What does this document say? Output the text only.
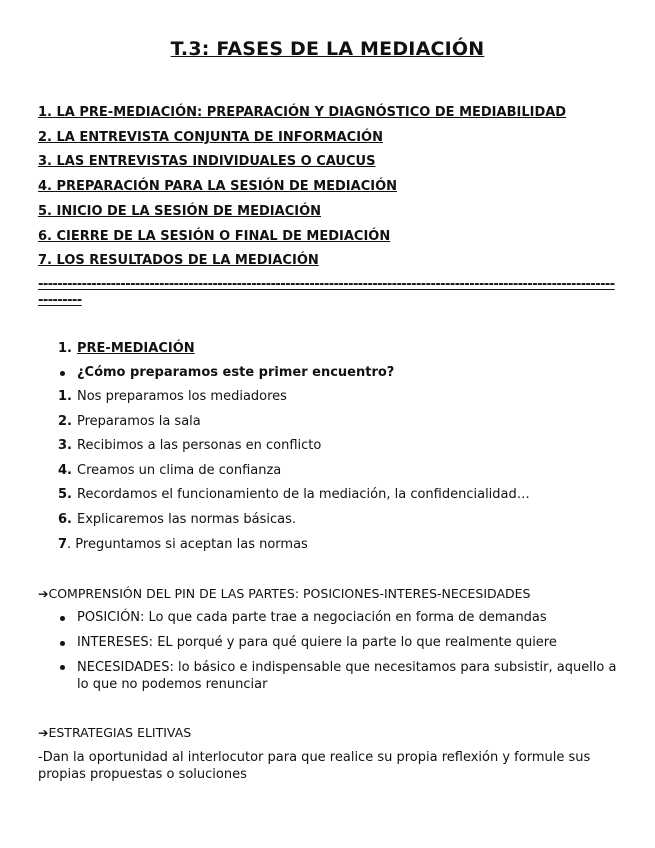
T.3: FASES DE LA MEDIACIÓN
1. LA PRE-MEDIACIÓN: PREPARACIÓN Y DIAGNÓSTICO DE MEDIABILIDAD
2. LA ENTREVISTA CONJUNTA DE INFORMACIÓN
3. LAS ENTREVISTAS INDIVIDUALES O CAUCUS
4. PREPARACIÓN PARA LA SESIÓN DE MEDIACIÓN
5. INICIO DE LA SESIÓN DE MEDIACIÓN
6. CIERRE DE LA SESIÓN O FINAL DE MEDIACIÓN
7. LOS RESULTADOS DE LA MEDIACIÓN
--------------------------------------------------------------------------------------------------------------------------------
1. PRE-MEDIACIÓN
¿Cómo preparamos este primer encuentro?
1. Nos preparamos los mediadores
2. Preparamos la sala
3. Recibimos a las personas en conflicto
4. Creamos un clima de confianza
5. Recordamos el funcionamiento de la mediación, la confidencialidad…
6. Explicaremos las normas básicas.
7. Preguntamos si aceptan las normas
➔COMPRENSIÓN DEL PIN DE LAS PARTES: POSICIONES-INTERES-NECESIDADES
POSICIÓN: Lo que cada parte trae a negociación en forma de demandas
INTERESES: EL porqué y para qué quiere la parte lo que realmente quiere
NECESIDADES: lo básico e indispensable que necesitamos para subsistir, aquello a lo que no podemos renunciar
➔ESTRATEGIAS ELITIVAS
-Dan la oportunidad al interlocutor para que realice su propia reflexión y formule sus propias propuestas o soluciones
